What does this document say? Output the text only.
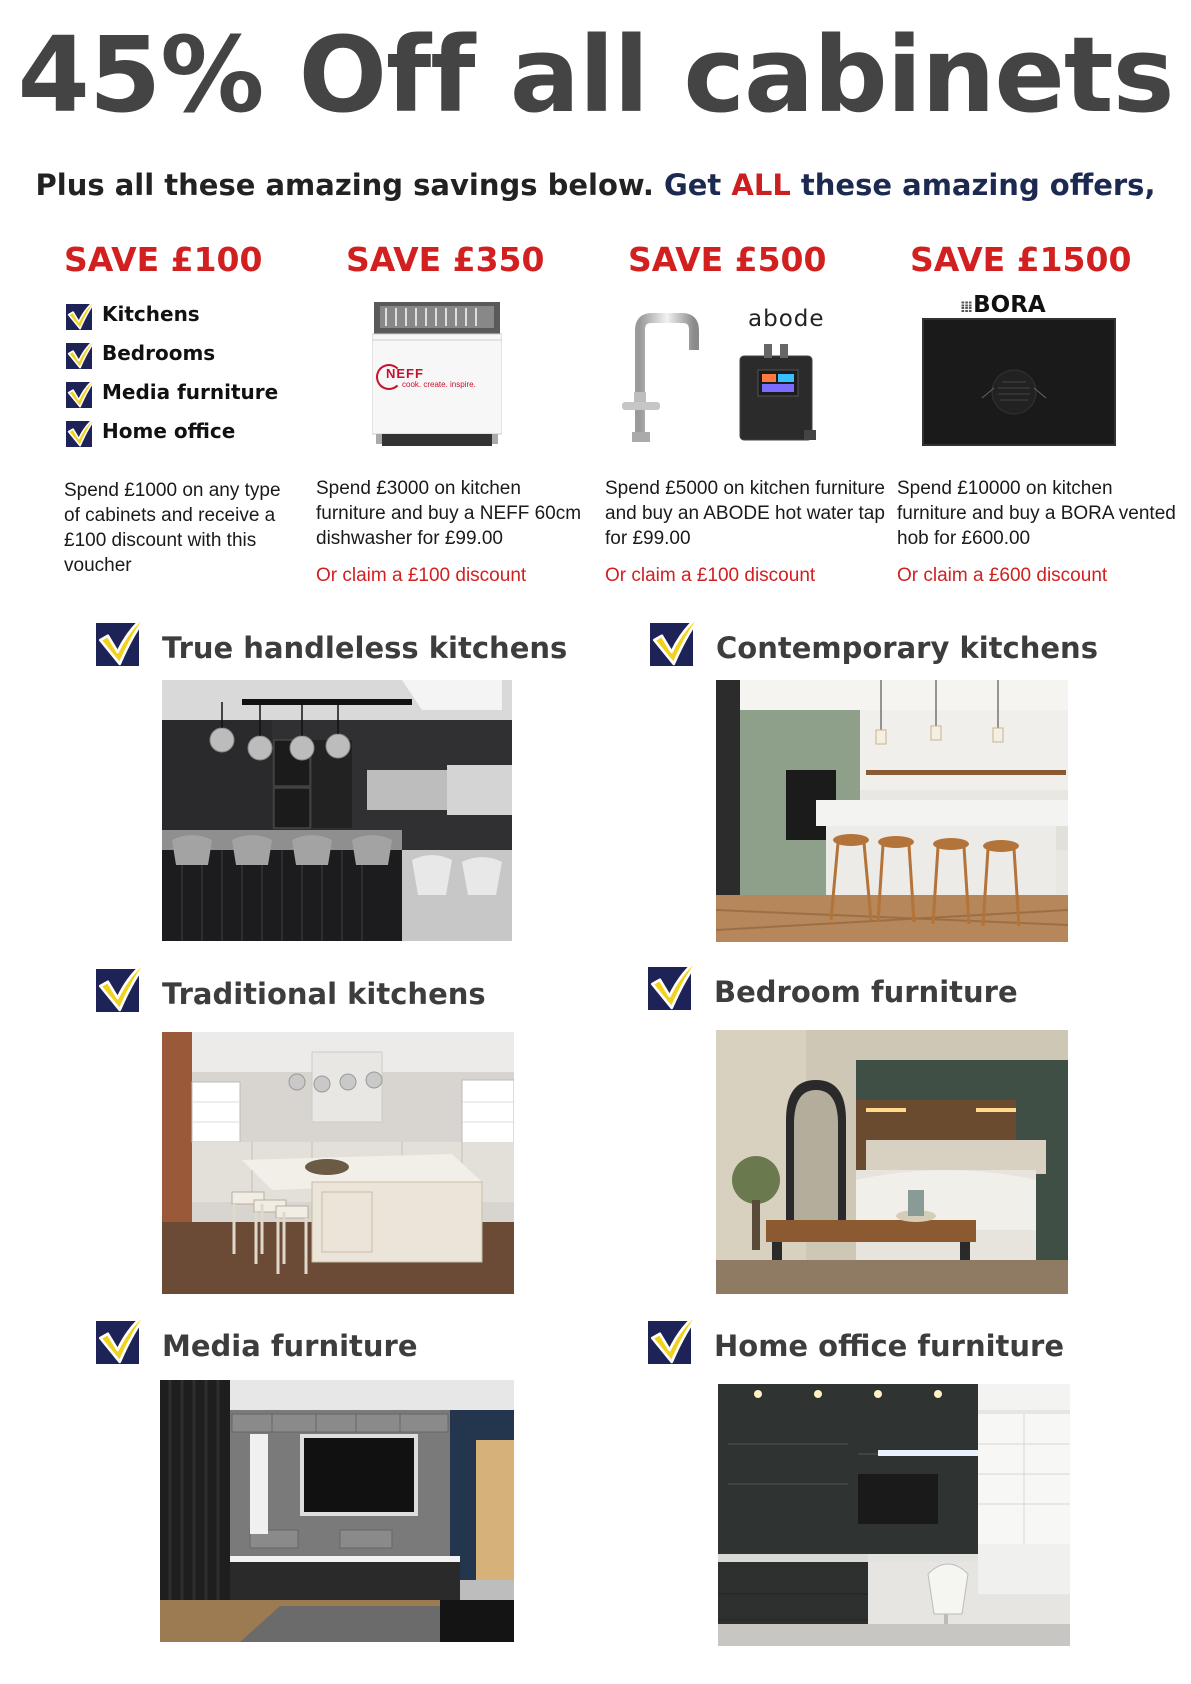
45% Off all cabinets
Plus all these amazing savings below. Get ALL these amazing offers,
SAVE £100
Kitchens
Bedrooms
Media furniture
Home office

Spend £1000 on any type of cabinets and receive a £100 discount with this voucher

SAVE £350
NEFF
cook. create. inspire.

Spend £3000 on kitchen furniture and buy a NEFF 60cm dishwasher for £99.00

Or claim a £100 discount
SAVE £500
abode

Spend £5000 on kitchen furniture and buy an ABODE hot water tap for £99.00

Or claim a £100 discount
SAVE £1500
⁞⁞⁞BORA

Spend £10000 on kitchen furniture and buy a BORA vented hob for £600.00

Or claim a £600 discount
True handleless kitchens	Contemporary kitchens
Traditional kitchens	Bedroom furniture
Media furniture	Home office furniture
